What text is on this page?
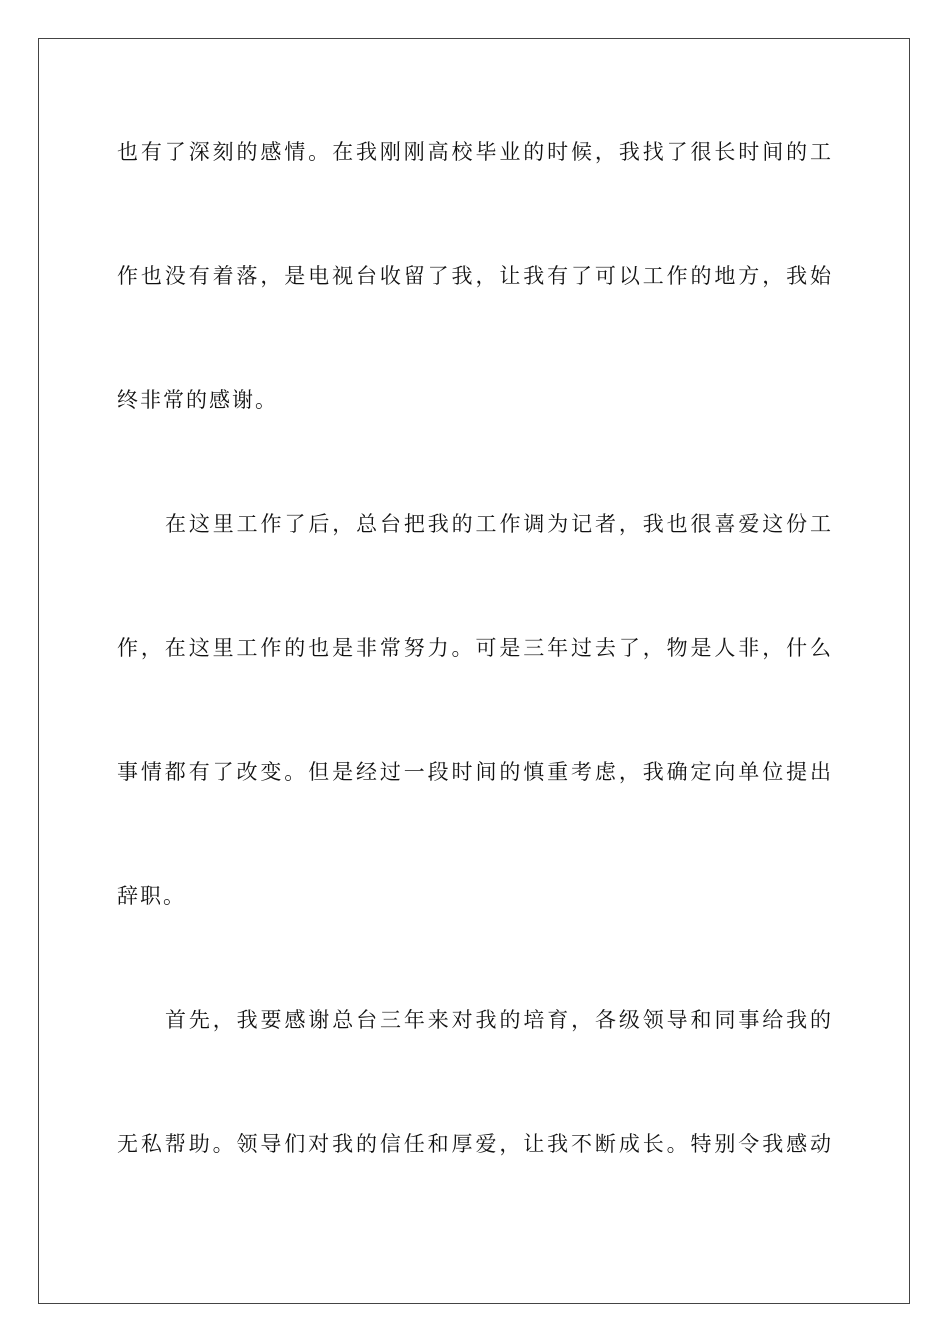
也有了深刻的感情。在我刚刚高校毕业的时候，我找了很长时间的工
作也没有着落，是电视台收留了我，让我有了可以工作的地方，我始
终非常的感谢。
在这里工作了后，总台把我的工作调为记者，我也很喜爱这份工
作，在这里工作的也是非常努力。可是三年过去了，物是人非，什么
事情都有了改变。但是经过一段时间的慎重考虑，我确定向单位提出
辞职。
首先，我要感谢总台三年来对我的培育，各级领导和同事给我的
无私帮助。领导们对我的信任和厚爱，让我不断成长。特别令我感动
